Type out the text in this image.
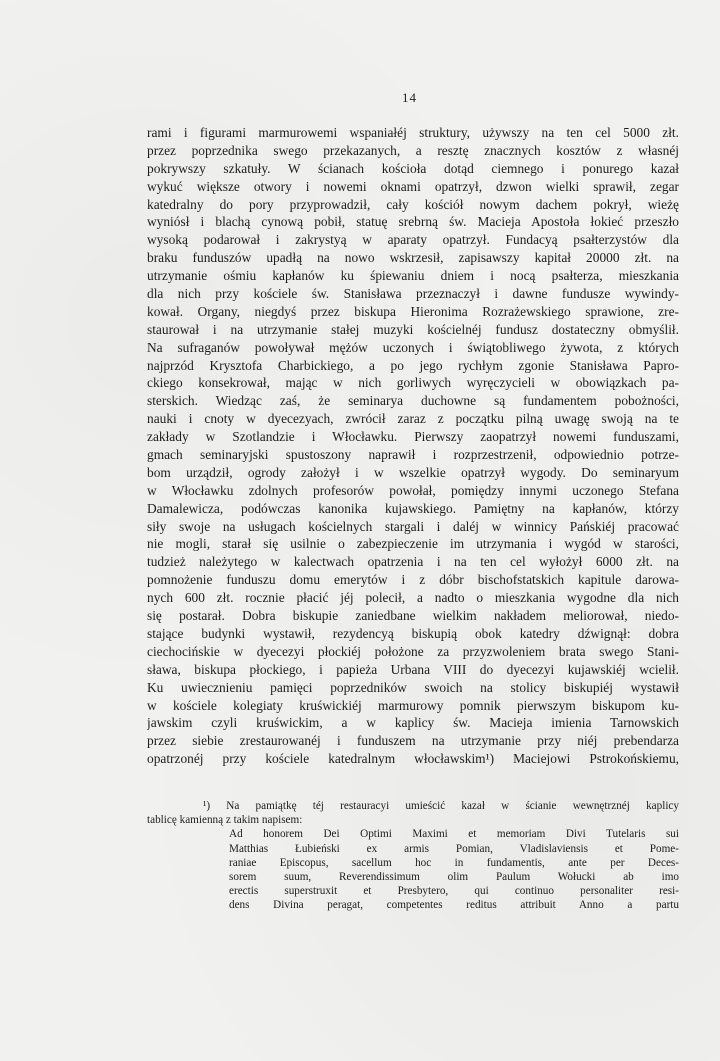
14
rami i figurami marmurowemi wspaniałéj struktury, używszy na ten cel 5000 złt.
przez poprzednika swego przekazanych, a resztę znacznych kosztów z własnéj
pokrywszy szkatuły. W ścianach kościoła dotąd ciemnego i ponurego kazał
wykuć większe otwory i nowemi oknami opatrzył, dzwon wielki sprawił, zegar
katedralny do pory przyprowadził, cały kościół nowym dachem pokrył, wieżę
wyniósł i blachą cynową pobił, statuę srebrną św. Macieja Apostoła łokieć przeszło
wysoką podarował i zakrystyą w aparaty opatrzył. Fundacyą psałterzystów dla
braku funduszów upadłą na nowo wskrzesił, zapisawszy kapitał 20000 złt. na
utrzymanie ośmiu kapłanów ku śpiewaniu dniem i nocą psałterza, mieszkania
dla nich przy kościele św. Stanisława przeznaczył i dawne fundusze wywindy-
kował. Organy, niegdyś przez biskupa Hieronima Rozrażewskiego sprawione, zre-
staurował i na utrzymanie stałej muzyki kościelnéj fundusz dostateczny obmyślił.
Na sufraganów powoływał mężów uczonych i świątobliwego żywota, z których
najprzód Krysztofa Charbickiego, a po jego rychłym zgonie Stanisława Papro-
ckiego konsekrował, mając w nich gorliwych wyręczycieli w obowiązkach pa-
sterskich. Wiedząc zaś, że seminarya duchowne są fundamentem pobożności,
nauki i cnoty w dyecezyach, zwrócił zaraz z początku pilną uwagę swoją na te
zakłady w Szotlandzie i Włocławku. Pierwszy zaopatrzył nowemi funduszami,
gmach seminaryjski spustoszony naprawił i rozprzestrzenił, odpowiednio potrze-
bom urządził, ogrody założył i w wszelkie opatrzył wygody. Do seminaryum
w Włocławku zdolnych profesorów powołał, pomiędzy innymi uczonego Stefana
Damalewicza, podówczas kanonika kujawskiego. Pamiętny na kapłanów, którzy
siły swoje na usługach kościelnych stargali i daléj w winnicy Pańskiéj pracować
nie mogli, starał się usilnie o zabezpieczenie im utrzymania i wygód w starości,
tudzież należytego w kalectwach opatrzenia i na ten cel wyłożył 6000 złt. na
pomnożenie funduszu domu emerytów i z dóbr bischofstatskich kapitule darowa-
nych 600 złt. rocznie płacić jéj polecił, a nadto o mieszkania wygodne dla nich
się postarał. Dobra biskupie zaniedbane wielkim nakładem meliorował, niedo-
stające budynki wystawił, rezydencyą biskupią obok katedry dźwignął: dobra
ciechocińskie w dyecezyi płockiéj położone za przyzwoleniem brata swego Stani-
sława, biskupa płockiego, i papieża Urbana VIII do dyecezyi kujawskiéj wcielił.
Ku uwiecznieniu pamięci poprzedników swoich na stolicy biskupiéj wystawił
w kościele kolegiaty kruświckiéj marmurowy pomnik pierwszym biskupom ku-
jawskim czyli kruświckim, a w kaplicy św. Macieja imienia Tarnowskich
przez siebie zrestaurowanéj i funduszem na utrzymanie przy niéj prebendarza
opatrzonéj przy kościele katedralnym włocławskim¹) Maciejowi Pstrokońskiemu,
¹) Na pamiątkę téj restauracyi umieścić kazał w ścianie wewnętrznéj kaplicy
tablicę kamienną z takim napisem:
Ad honorem Dei Optimi Maximi et memoriam Divi Tutelaris sui
Matthias Łubieński ex armis Pomian, Vladislaviensis et Pome-
raniae Episcopus, sacellum hoc in fundamentis, ante per Deces-
sorem suum, Reverendissimum olim Paulum Wołucki ab imo
erectis superstruxit et Presbytero, qui continuo personaliter resi-
dens Divina peragat, competentes reditus attribuit Anno a partu
